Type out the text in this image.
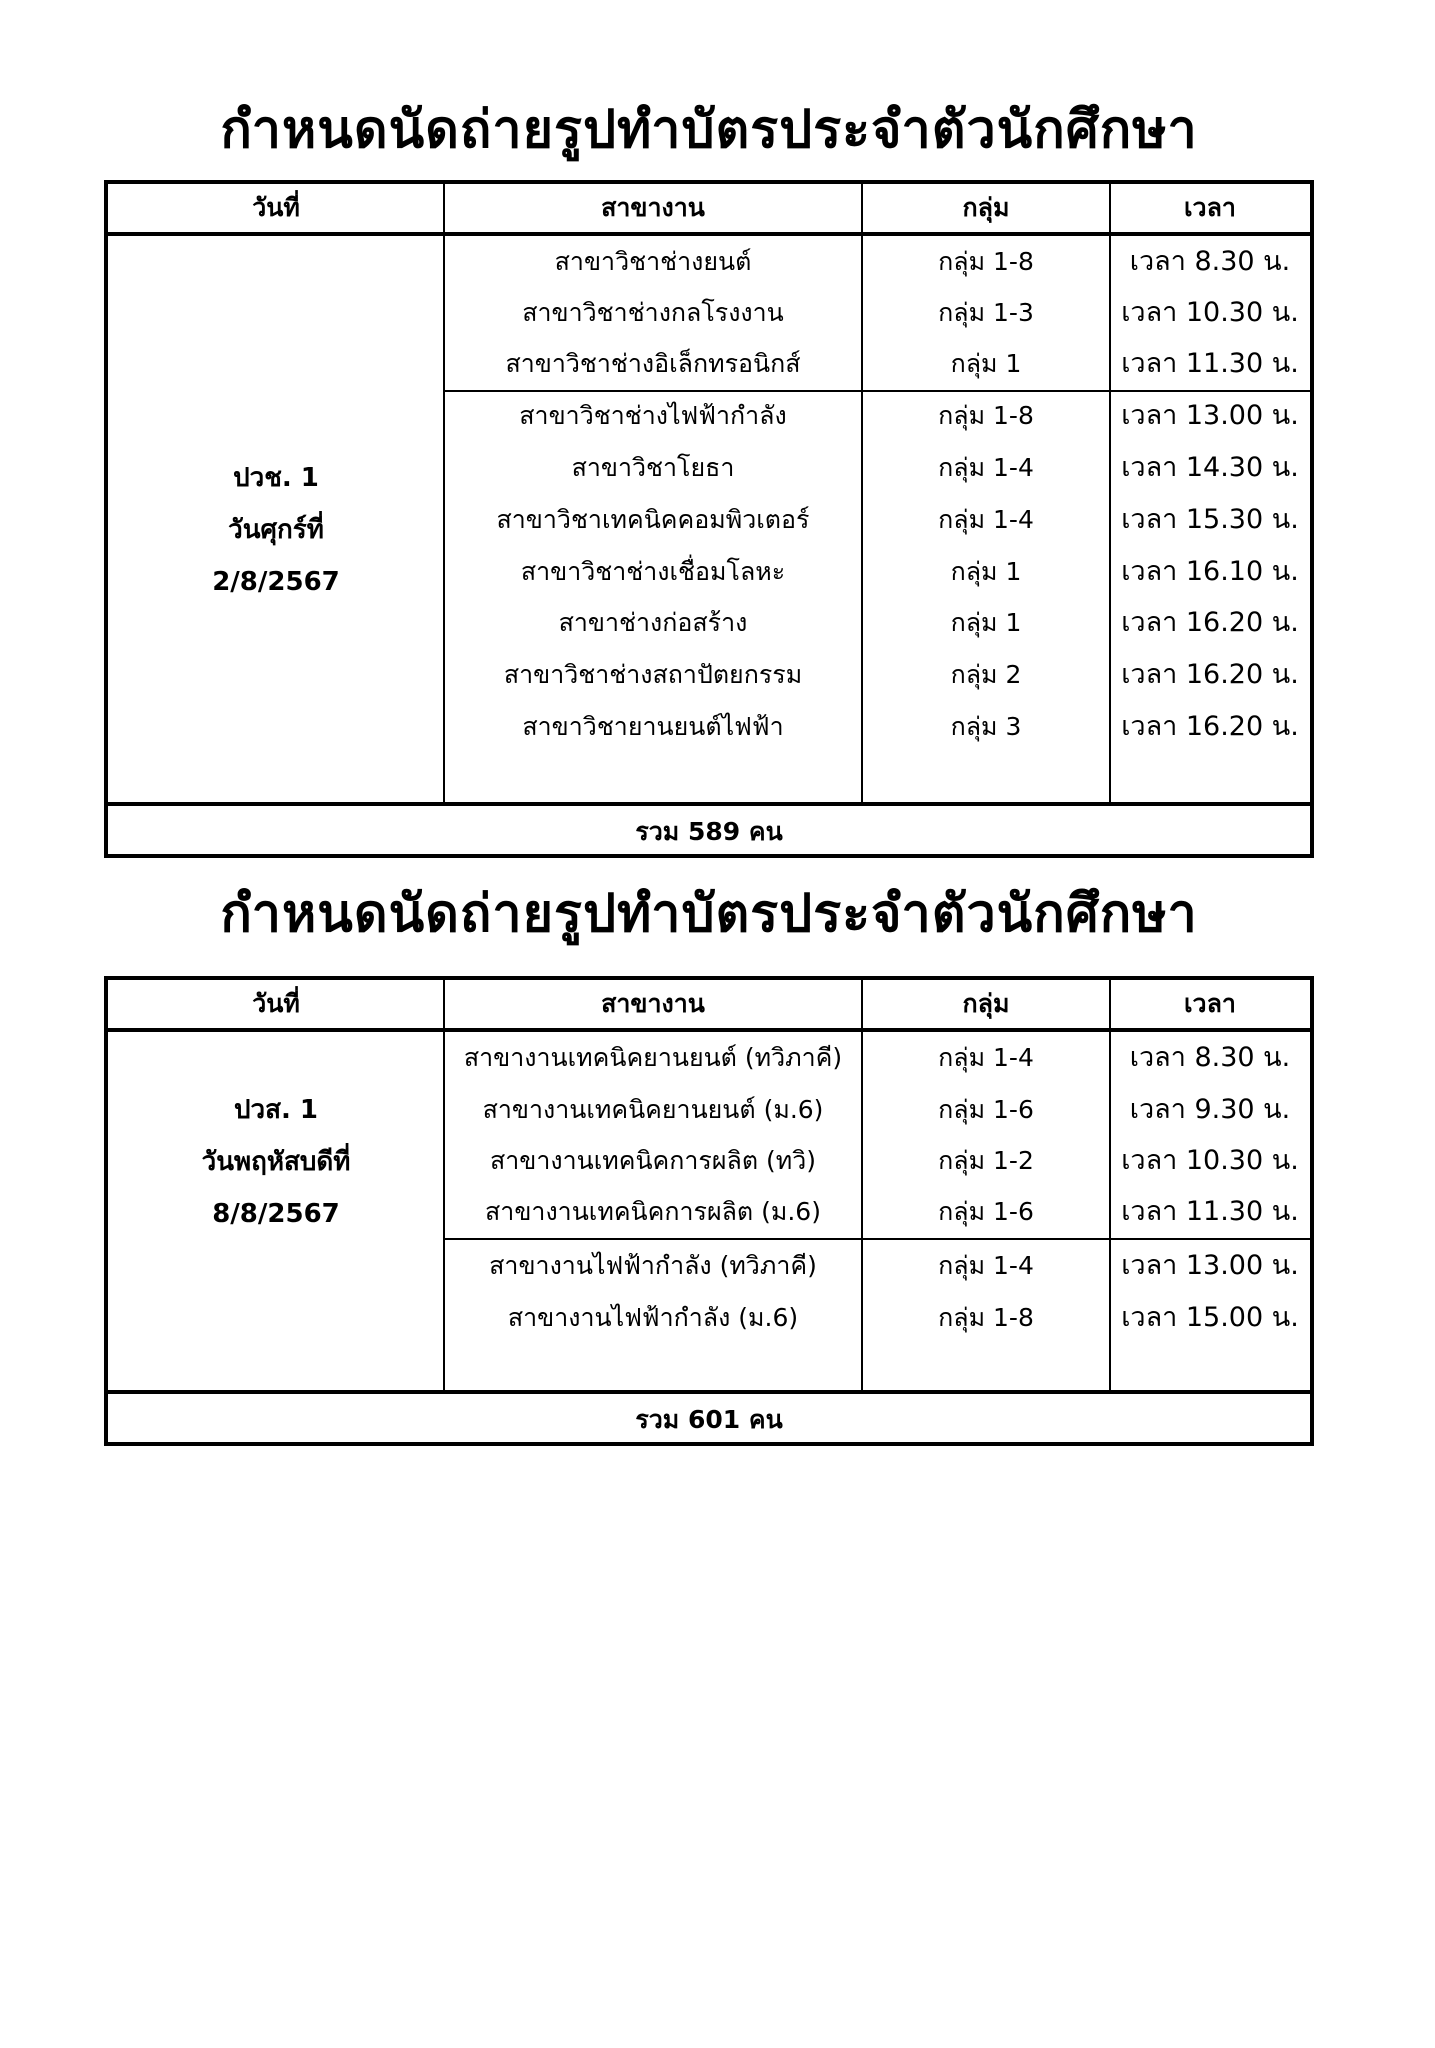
กำหนดนัดถ่ายรูปทำบัตรประจำตัวนักศึกษา
วันที่	สาขางาน	กลุ่ม	เวลา
ปวช. 1
วันศุกร์ที่
2/8/2567
สาขาวิชาช่างยนต์	กลุ่ม 1-8	เวลา 8.30 น.
สาขาวิชาช่างกลโรงงาน	กลุ่ม 1-3	เวลา 10.30 น.
สาขาวิชาช่างอิเล็กทรอนิกส์	กลุ่ม 1	เวลา 11.30 น.
สาขาวิชาช่างไฟฟ้ากำลัง	กลุ่ม 1-8	เวลา 13.00 น.
สาขาวิชาโยธา	กลุ่ม 1-4	เวลา 14.30 น.
สาขาวิชาเทคนิคคอมพิวเตอร์	กลุ่ม 1-4	เวลา 15.30 น.
สาขาวิชาช่างเชื่อมโลหะ	กลุ่ม 1	เวลา 16.10 น.
สาขาช่างก่อสร้าง	กลุ่ม 1	เวลา 16.20 น.
สาขาวิชาช่างสถาปัตยกรรม	กลุ่ม 2	เวลา 16.20 น.
สาขาวิชายานยนต์ไฟฟ้า	กลุ่ม 3	เวลา 16.20 น.
รวม 589 คน
กำหนดนัดถ่ายรูปทำบัตรประจำตัวนักศึกษา
วันที่	สาขางาน	กลุ่ม	เวลา
ปวส. 1
วันพฤหัสบดีที่
8/8/2567
สาขางานเทคนิคยานยนต์ (ทวิภาคี)	กลุ่ม 1-4	เวลา 8.30 น.
สาขางานเทคนิคยานยนต์ (ม.6)	กลุ่ม 1-6	เวลา 9.30 น.
สาขางานเทคนิคการผลิต (ทวิ)	กลุ่ม 1-2	เวลา 10.30 น.
สาขางานเทคนิคการผลิต (ม.6)	กลุ่ม 1-6	เวลา 11.30 น.
สาขางานไฟฟ้ากำลัง (ทวิภาคี)	กลุ่ม 1-4	เวลา 13.00 น.
สาขางานไฟฟ้ากำลัง (ม.6)	กลุ่ม 1-8	เวลา 15.00 น.
รวม 601 คน
